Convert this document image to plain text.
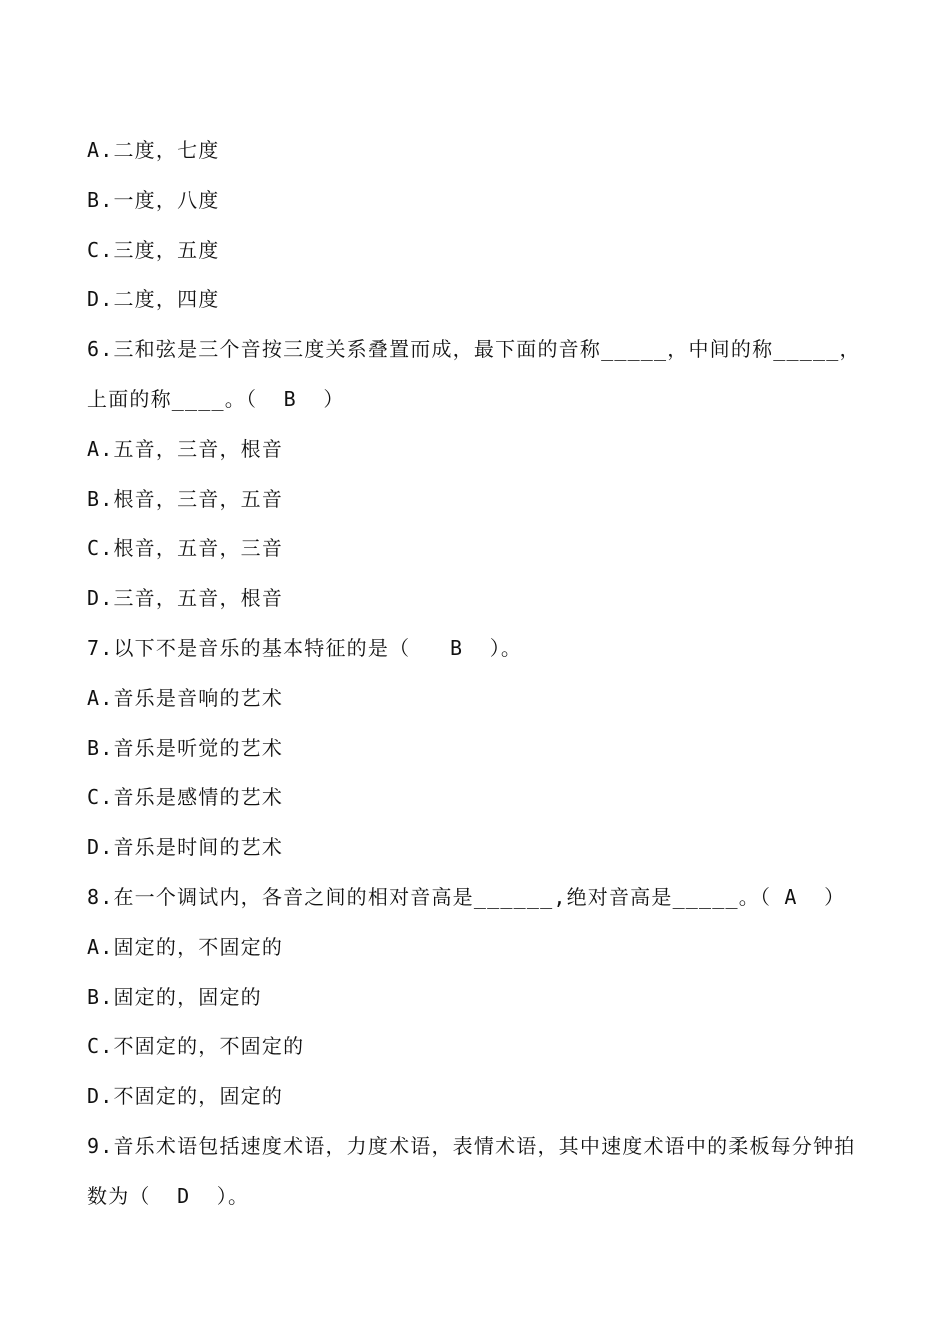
A.二度，七度
B.一度，八度
C.三度，五度
D.二度，四度
6.三和弦是三个音按三度关系叠置而成，最下面的音称_____，中间的称_____，上面的称____。（  B  ）
A.五音，三音，根音
B.根音，三音，五音
C.根音，五音，三音
D.三音，五音，根音
7.以下不是音乐的基本特征的是（   B  ）。
A.音乐是音响的艺术
B.音乐是听觉的艺术
C.音乐是感情的艺术
D.音乐是时间的艺术
8.在一个调试内，各音之间的相对音高是______,绝对音高是_____。（ A  ）
A.固定的，不固定的
B.固定的，固定的
C.不固定的，不固定的
D.不固定的，固定的
9.音乐术语包括速度术语，力度术语，表情术语，其中速度术语中的柔板每分钟拍数为（  D  ）。
